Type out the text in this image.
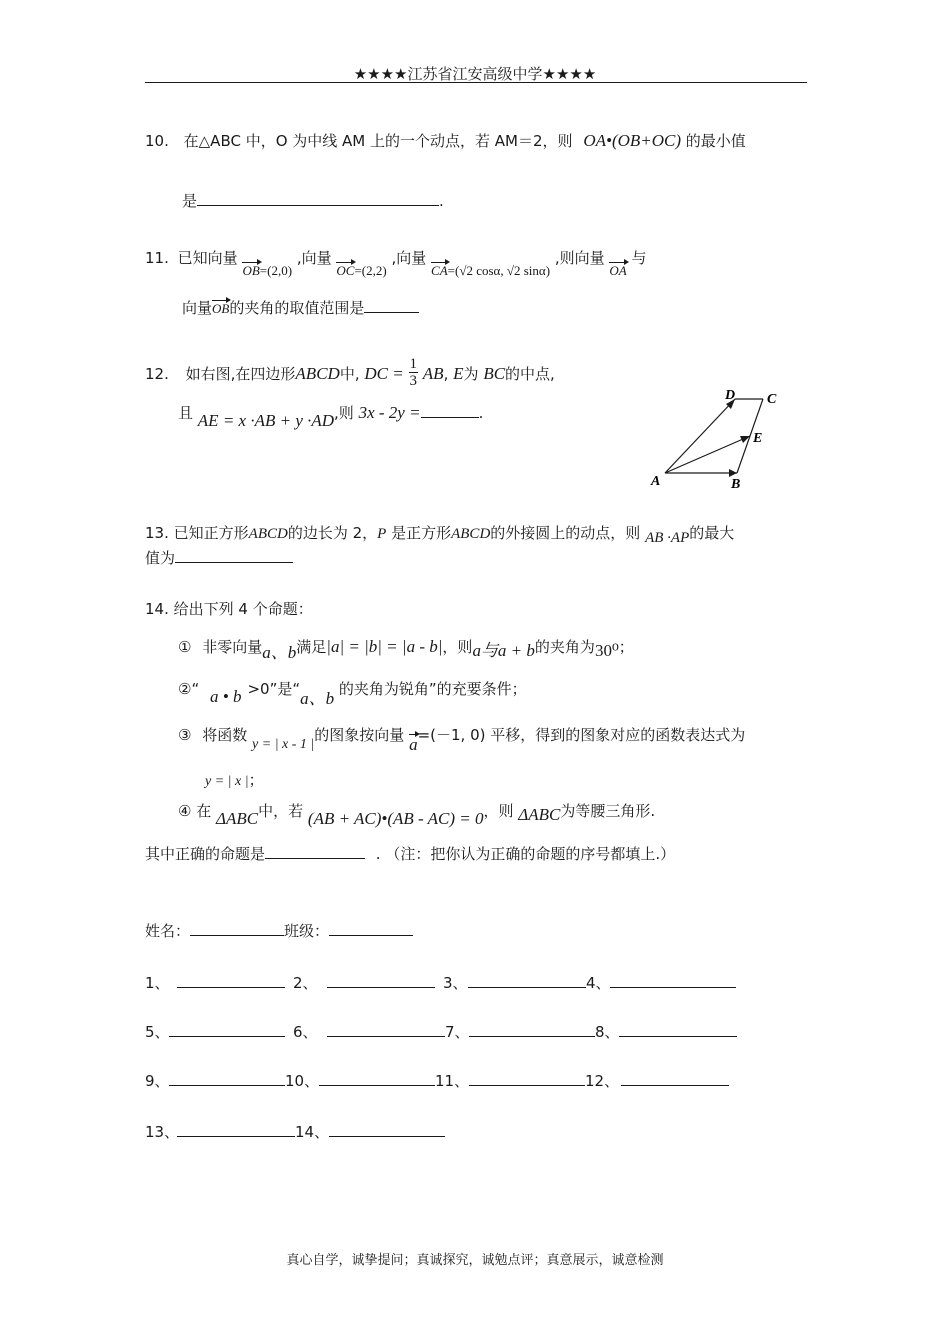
★★★★江苏省江安高级中学★★★★
10. 在△ABC 中，O 为中线 AM 上的一个动点，若 AM＝2，则 OA•(OB+OC) 的最小值
是	.
11. 已知向量 OB=(2,0) ,向量 OC=(2,2) ,向量 CA=(√2 cosα, √2 sinα) ,则向量 OA 与
向量OB的夹角的取值范围是
12. 如右图,在四边形ABCD中, DC = $\frac{1}{3}$ AB, E为 BC的中点,
且 AE = x ·AB + y ·AD,则 3x - 2y =	.
A	B
C
D
E
13. 已知正方形ABCD的边长为 2，P 是正方形ABCD的外接圆上的动点，则 AB ·AP的最大
值为
14. 给出下列 4 个命题：
① 非零向量a、b满足|a| = |b| = |a - b|，则a与a + b的夹角为30⁰；
②“ a • b >0”是“a、b 的夹角为锐角”的充要条件；
③ 将函数 y = | x - 1 |的图象按向量 a=(－1, 0) 平移，得到的图象对应的函数表达式为
y = | x |；
④ 在 ΔABC中，若 (AB + AC)•(AB - AC) = 0，则 ΔABC为等腰三角形.
其中正确的命题是	. （注：把你认为正确的命题的序号都填上.）
姓名：	班级：
1、	2、	3、	4、
5、	6、	7、	8、
9、	10、	11、	12、
13、	14、
真心自学，诚挚提问；真诚探究，诚勉点评；真意展示，诚意检测
